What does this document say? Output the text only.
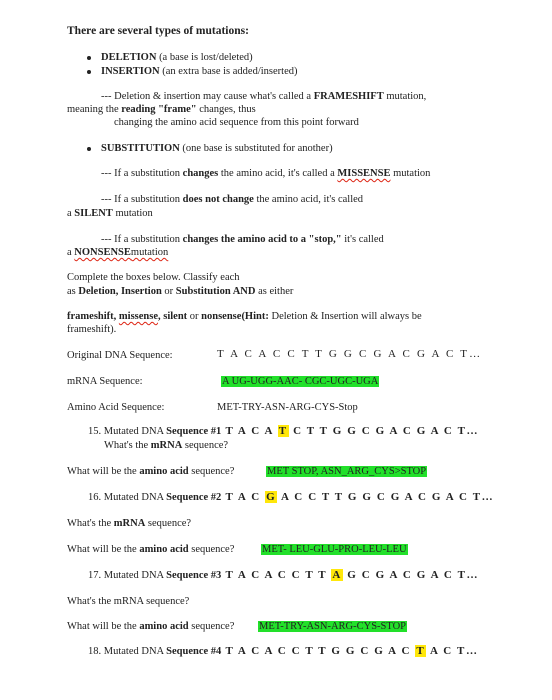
There are several types of mutations:
DELETION (a base is lost/deleted)
INSERTION (an extra base is added/inserted)
--- Deletion & insertion may cause what's called a FRAMESHIFT mutation,
meaning the reading "frame" changes, thus
changing the amino acid sequence from this point forward
SUBSTITUTION (one base is substituted for another)
--- If a substitution changes the amino acid, it's called a MISSENSE mutation
--- If a substitution does not change the amino acid, it's called
a SILENT mutation
--- If a substitution changes the amino acid to a "stop," it's called
a NONSENSEmutation
Complete the boxes below. Classify each
as Deletion, Insertion or Substitution AND as either
frameshift, missense, silent or nonsense(Hint: Deletion & Insertion will always be
frameshift).
Original DNA Sequence:	T A C A C C T T G G C G A C G A C T…
mRNA Sequence:	A UG-UGG-AAC- CGC-UGC-UGA
Amino Acid Sequence:	MET-TRY-ASN-ARG-CYS-Stop
15. Mutated DNA Sequence #1 T A C A T C T T G G C G A C G A C T…
What's the mRNA sequence?
What will be the amino acid sequence?	MET STOP, ASN_ARG_CYS>STOP
16. Mutated DNA Sequence #2 T A C G A C C T T G G C G A C G A C T…
What's the mRNA sequence?
What will be the amino acid sequence?	MET- LEU-GLU-PRO-LEU-LEU
17. Mutated DNA Sequence #3 T A C A C C T T A G C G A C G A C T…
What's the mRNA sequence?
What will be the amino acid sequence? MET-TRY-ASN-ARG-CYS-STOP
18. Mutated DNA Sequence #4 T A C A C C T T G G C G A C T A C T…
